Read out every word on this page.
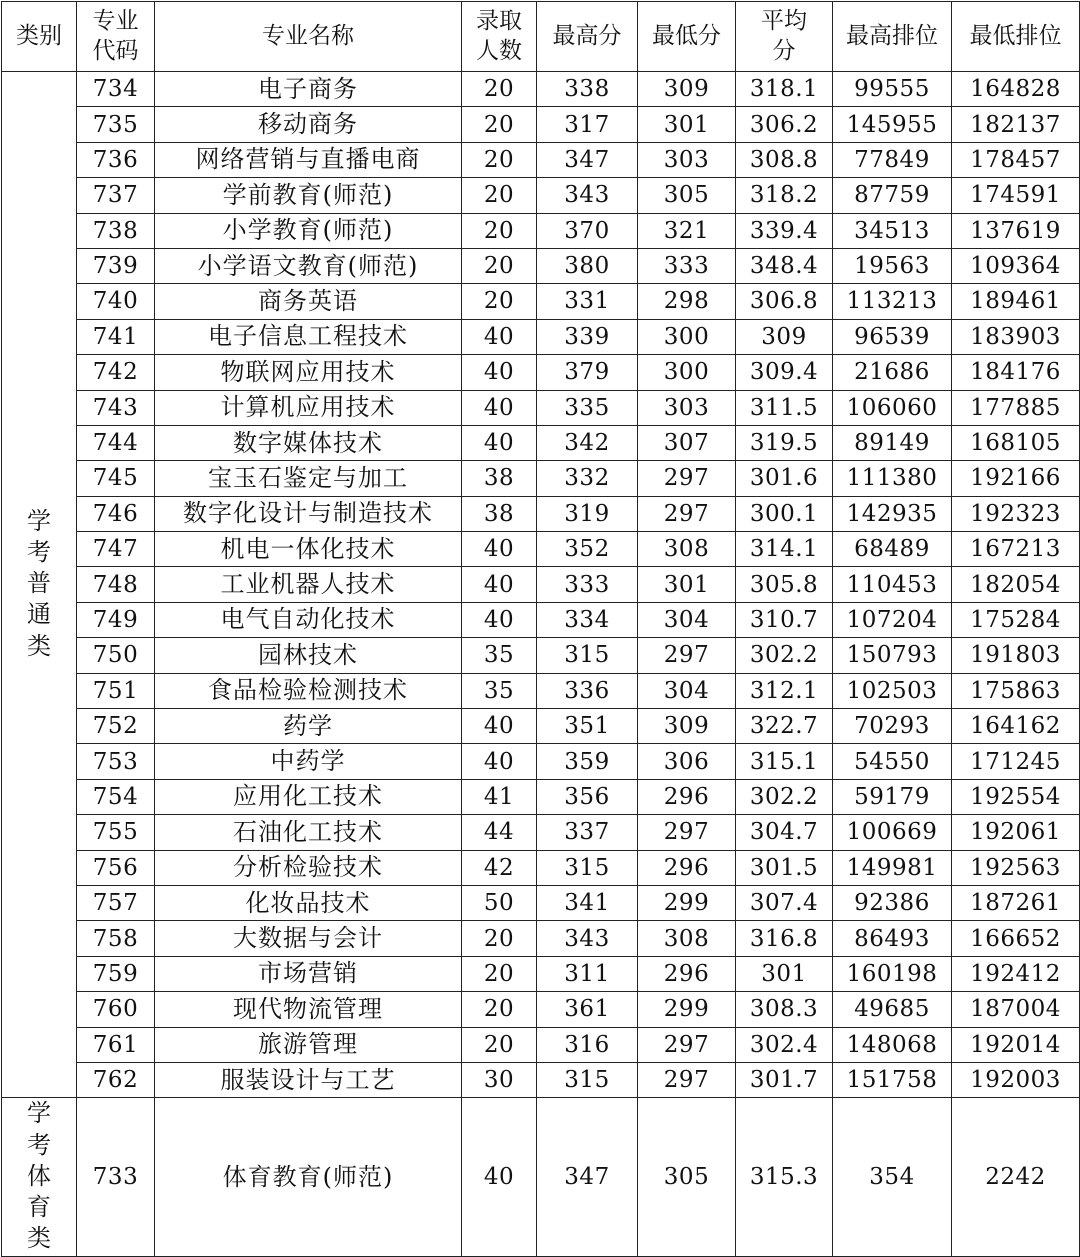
类别	专业代码	专业名称	录取人数	最高分	最低分	平均分	最高排位	最低排位
学考普通类	734	电子商务	20	338	309	318.1	99555	164828
	735	移动商务	20	317	301	306.2	145955	182137
	736	网络营销与直播电商	20	347	303	308.8	77849	178457
	737	学前教育(师范)	20	343	305	318.2	87759	174591
	738	小学教育(师范)	20	370	321	339.4	34513	137619
	739	小学语文教育(师范)	20	380	333	348.4	19563	109364
	740	商务英语	20	331	298	306.8	113213	189461
	741	电子信息工程技术	40	339	300	309	96539	183903
	742	物联网应用技术	40	379	300	309.4	21686	184176
	743	计算机应用技术	40	335	303	311.5	106060	177885
	744	数字媒体技术	40	342	307	319.5	89149	168105
	745	宝玉石鉴定与加工	38	332	297	301.6	111380	192166
	746	数字化设计与制造技术	38	319	297	300.1	142935	192323
	747	机电一体化技术	40	352	308	314.1	68489	167213
	748	工业机器人技术	40	333	301	305.8	110453	182054
	749	电气自动化技术	40	334	304	310.7	107204	175284
	750	园林技术	35	315	297	302.2	150793	191803
	751	食品检验检测技术	35	336	304	312.1	102503	175863
	752	药学	40	351	309	322.7	70293	164162
	753	中药学	40	359	306	315.1	54550	171245
	754	应用化工技术	41	356	296	302.2	59179	192554
	755	石油化工技术	44	337	297	304.7	100669	192061
	756	分析检验技术	42	315	296	301.5	149981	192563
	757	化妆品技术	50	341	299	307.4	92386	187261
	758	大数据与会计	20	343	308	316.8	86493	166652
	759	市场营销	20	311	296	301	160198	192412
	760	现代物流管理	20	361	299	308.3	49685	187004
	761	旅游管理	20	316	297	302.4	148068	192014
	762	服装设计与工艺	30	315	297	301.7	151758	192003
学考体育类	733	体育教育(师范)	40	347	305	315.3	354	2242
